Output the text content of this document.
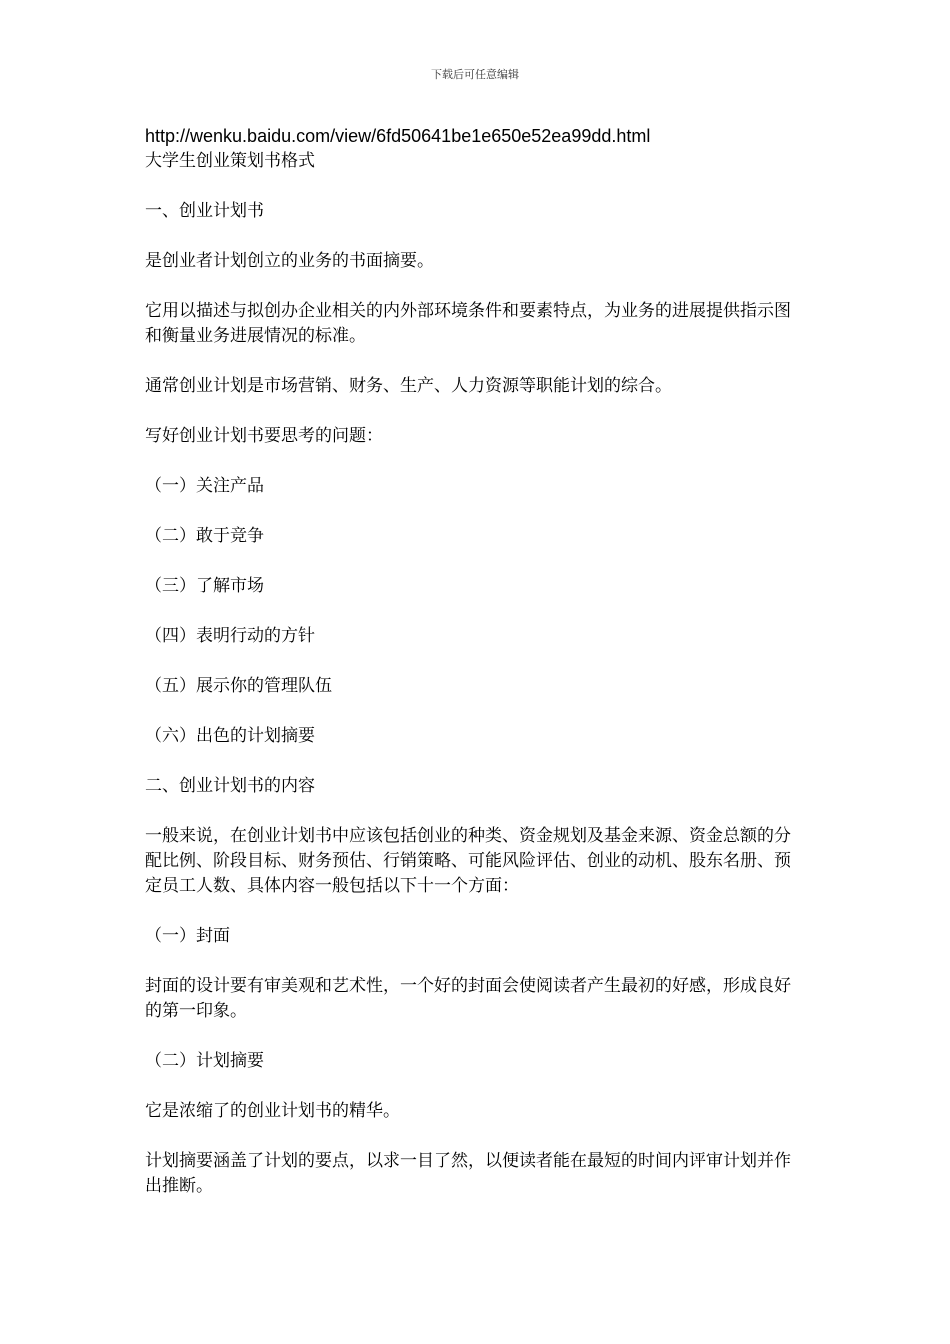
下载后可任意编辑

http://wenku.baidu.com/view/6fd50641be1e650e52ea99dd.html

大学生创业策划书格式

一、创业计划书

是创业者计划创立的业务的书面摘要。

它用以描述与拟创办企业相关的内外部环境条件和要素特点，为业务的进展提供指示图和衡量业务进展情况的标准。

通常创业计划是市场营销、财务、生产、人力资源等职能计划的综合。

写好创业计划书要思考的问题：

（一）关注产品

（二）敢于竞争

（三）了解市场

（四）表明行动的方针

（五）展示你的管理队伍

（六）出色的计划摘要

二、创业计划书的内容

一般来说，在创业计划书中应该包括创业的种类、资金规划及基金来源、资金总额的分配比例、阶段目标、财务预估、行销策略、可能风险评估、创业的动机、股东名册、预定员工人数、具体内容一般包括以下十一个方面：

（一）封面

封面的设计要有审美观和艺术性，一个好的封面会使阅读者产生最初的好感，形成良好的第一印象。

（二）计划摘要

它是浓缩了的创业计划书的精华。

计划摘要涵盖了计划的要点，以求一目了然，以便读者能在最短的时间内评审计划并作出推断。
